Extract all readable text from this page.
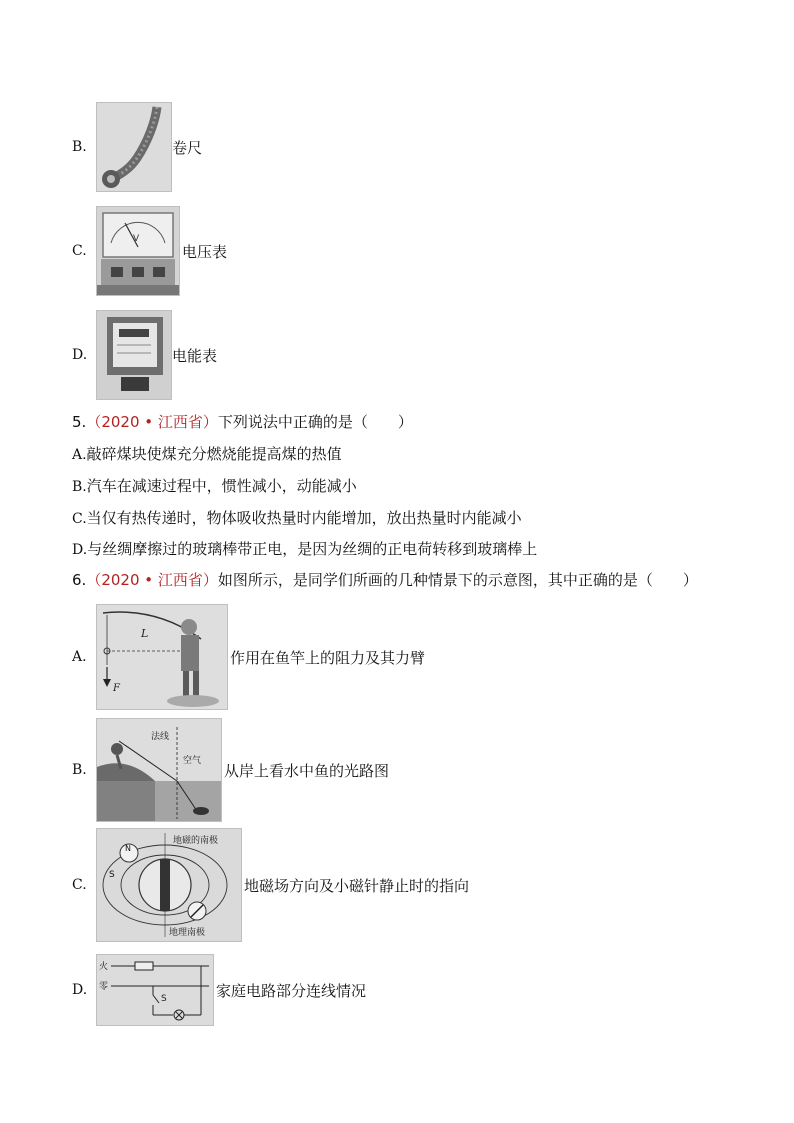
B.	卷尺
C.
V
电压表
D.	电能表
5.（2020 • 江西省）下列说法中正确的是（　　）
A.敲碎煤块使煤充分燃烧能提高煤的热值
B.汽车在减速过程中，惯性减小，动能减小
C.当仅有热传递时，物体吸收热量时内能增加，放出热量时内能减小
D.与丝绸摩擦过的玻璃棒带正电，是因为丝绸的正电荷转移到玻璃棒上
6.（2020 • 江西省）如图所示，是同学们所画的几种情景下的示意图，其中正确的是（　　）
A.
L
F
作用在鱼竿上的阻力及其力臂
B.
法线
空气
从岸上看水中鱼的光路图
C.
地磁的南极
地理南极
N
S
地磁场方向及小磁针静止时的指向
D.
火
零
S	家庭电路部分连线情况
